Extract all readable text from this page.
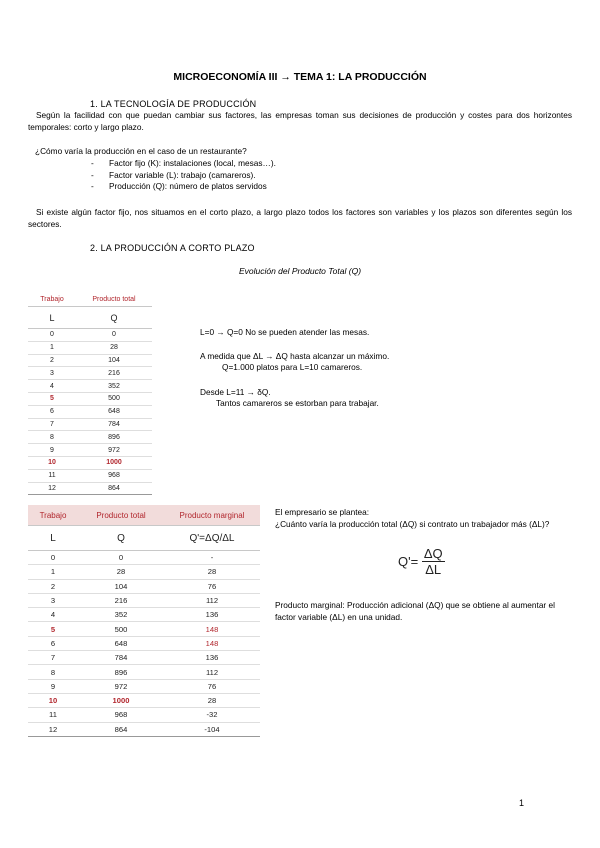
MICROECONOMÍA III → TEMA 1: LA PRODUCCIÓN
1. LA TECNOLOGÍA DE PRODUCCIÓN
Según la facilidad con que puedan cambiar sus factores, las empresas toman sus decisiones de producción y costes para dos horizontes temporales: corto y largo plazo.
¿Cómo varía la producción en el caso de un restaurante?
- Factor fijo (K): instalaciones (local, mesas…).
- Factor variable (L): trabajo (camareros).
- Producción (Q): número de platos servidos
Si existe algún factor fijo, nos situamos en el corto plazo, a largo plazo todos los factores son variables y los plazos son diferentes según los sectores.
2. LA PRODUCCIÓN A CORTO PLAZO
Evolución del Producto Total (Q)
Trabajo	Producto total
L	Q
0	0
1	28
2	104
3	216
4	352
5	500
6	648
7	784
8	896
9	972
10	1000
11	968
12	864
L=0 → Q=0 No se pueden atender las mesas.
A medida que ΔL → ΔQ hasta alcanzar un máximo.
Q=1.000 platos para L=10 camareros.
Desde L=11 → δQ.
Tantos camareros se estorban para trabajar.
Trabajo	Producto total	Producto marginal
L	Q	Q'=ΔQ/ΔL
0	0	-
1	28	28
2	104	76
3	216	112
4	352	136
5	500	148
6	648	148
7	784	136
8	896	112
9	972	76
10	1000	28
11	968	-32
12	864	-104
El empresario se plantea:
¿Cuánto varía la producción total (ΔQ) si contrato un trabajador más (ΔL)?
$Q'= \frac{\Delta Q}{\Delta L}$
Producto marginal: Producción adicional (ΔQ) que se obtiene al aumentar el factor variable (ΔL) en una unidad.
1
